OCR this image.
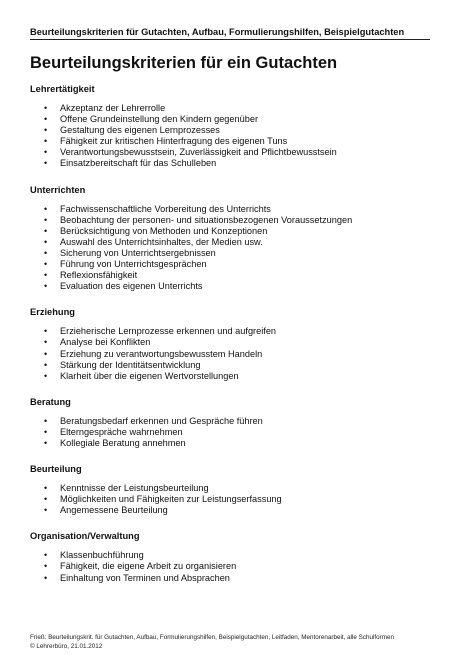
Beurteilungskriterien für Gutachten, Aufbau, Formulierungshilfen, Beispielgutachten
Beurteilungskriterien für ein Gutachten
Lehrertätigkeit
• Akzeptanz der Lehrerrolle
• Offene Grundeinstellung den Kindern gegenüber
• Gestaltung des eigenen Lernprozesses
• Fähigkeit zur kritischen Hinterfragung des eigenen Tuns
• Verantwortungsbewusstsein, Zuverlässigkeit and Pflichtbewusstsein
• Einsatzbereitschaft für das Schulleben
Unterrichten
• Fachwissenschaftliche Vorbereitung des Unterrichts
• Beobachtung der personen- und situationsbezogenen Voraussetzungen
• Berücksichtigung von Methoden und Konzeptionen
• Auswahl des Unterrichtsinhaltes, der Medien usw.
• Sicherung von Unterrichtsergebnissen
• Führung von Unterrichtsgesprächen
• Reflexionsfähigkeit
• Evaluation des eigenen Unterrichts
Erziehung
• Erzieherische Lernprozesse erkennen und aufgreifen
• Analyse bei Konflikten
• Erziehung zu verantwortungsbewusstem Handeln
• Stärkung der Identitätsentwicklung
• Klarheit über die eigenen Wertvorstellungen
Beratung
• Beratungsbedarf erkennen und Gespräche führen
• Elterngespräche wahrnehmen
• Kollegiale Beratung annehmen
Beurteilung
• Kenntnisse der Leistungsbeurteilung
• Möglichkeiten und Fähigkeiten zur Leistungserfassung
• Angemessene Beurteilung
Organisation/Verwaltung
• Klassenbuchführung
• Fähigkeit, die eigene Arbeit zu organisieren
• Einhaltung von Terminen und Absprachen
Frieß: Beurteilungskrit. für Gutachten, Aufbau, Formulierungshilfen, Beispielgutachten, Leitfaden, Mentorenarbeit, alle Schulformen
© Lehrerbüro, 21.01.2012
